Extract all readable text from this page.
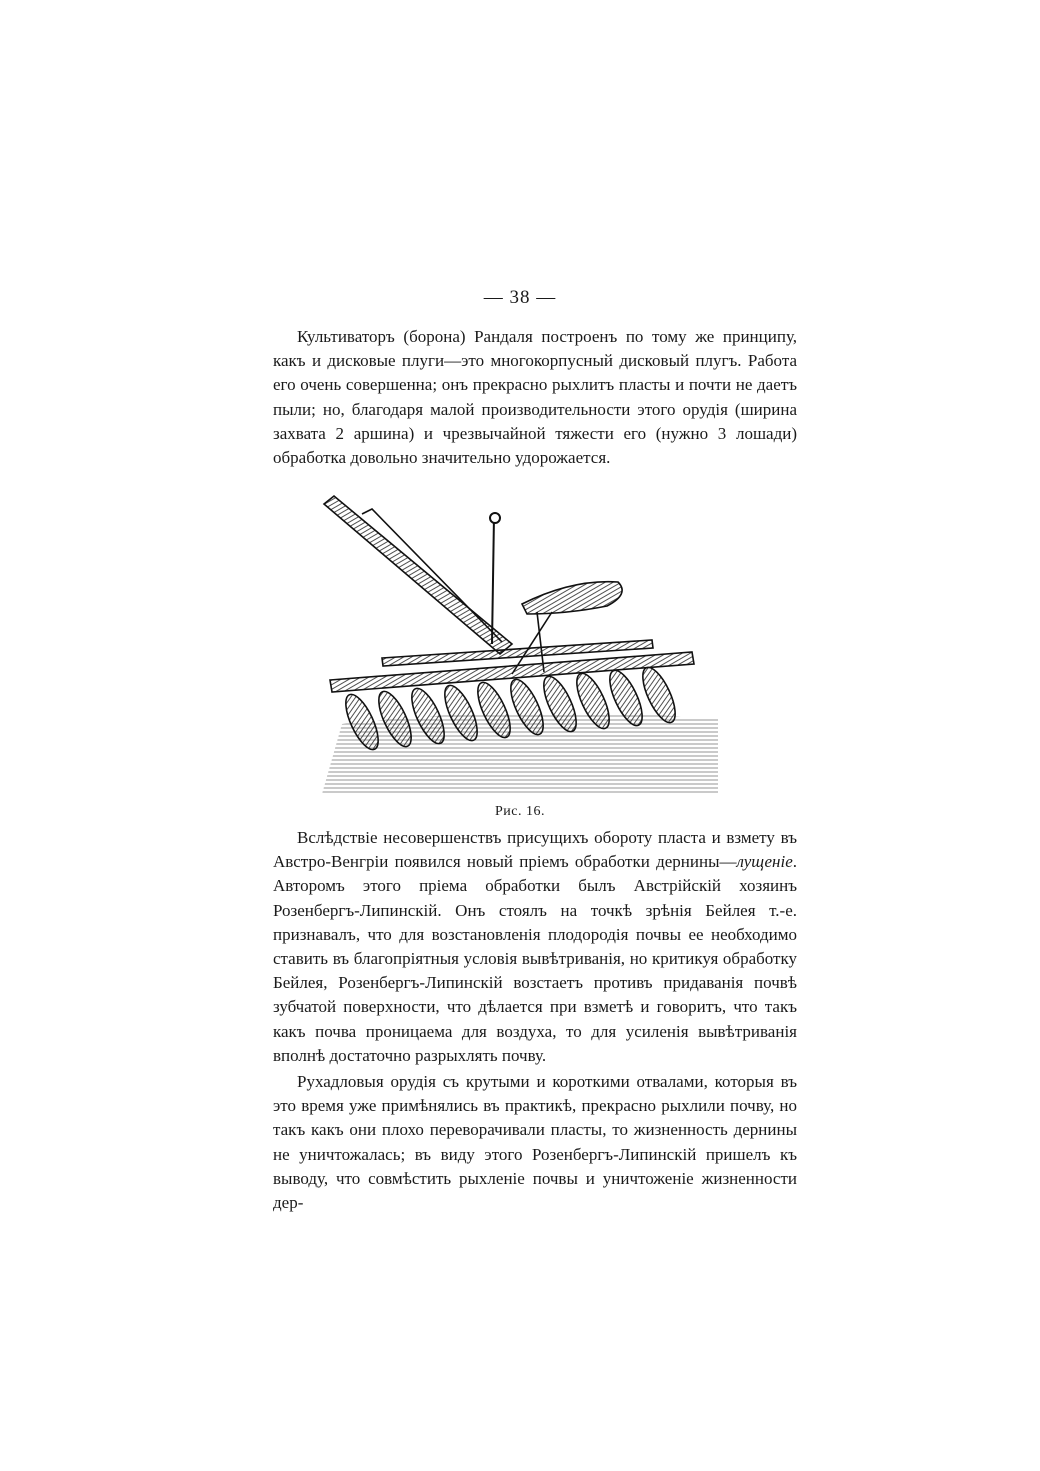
— 38 —

Культиваторъ (борона) Рандаля построенъ по тому же принципу, какъ и дисковые плуги—это многокорпусный дисковый плугъ. Работа его очень совершенна; онъ прекрасно рыхлитъ пласты и почти не даетъ пыли; но, благодаря малой производительности этого орудія (ширина захвата 2 аршина) и чрезвычайной тяжести его (нужно 3 лошади) обработка довольно значительно удорожается.

Рис. 16.

Вслѣдствіе несовершенствъ присущихъ обороту пласта и взмету въ Австро-Венгріи появился новый пріемъ обработки дернины—лущеніе. Авторомъ этого пріема обработки былъ Австрійскій хозяинъ Розенбергъ-Липинскій. Онъ стоялъ на точкѣ зрѣнія Бейлея т.-е. признавалъ, что для возстановленія плодородія почвы ее необходимо ставить въ благопріятныя условія вывѣтриванія, но критикуя обработку Бейлея, Розенбергъ-Липинскій возстаетъ противъ придаванія почвѣ зубчатой поверхности, что дѣлается при взметѣ и говоритъ, что такъ какъ почва проницаема для воздуха, то для усиленія вывѣтриванія вполнѣ достаточно разрыхлять почву.

Рухадловыя орудія съ крутыми и короткими отвалами, которыя въ это время уже примѣнялись въ практикѣ, прекрасно рыхлили почву, но такъ какъ они плохо переворачивали пласты, то жизненность дернины не уничтожалась; въ виду этого Розенбергъ-Липинскій пришелъ къ выводу, что совмѣстить рыхленіе почвы и уничтоженіе жизненности дер-
